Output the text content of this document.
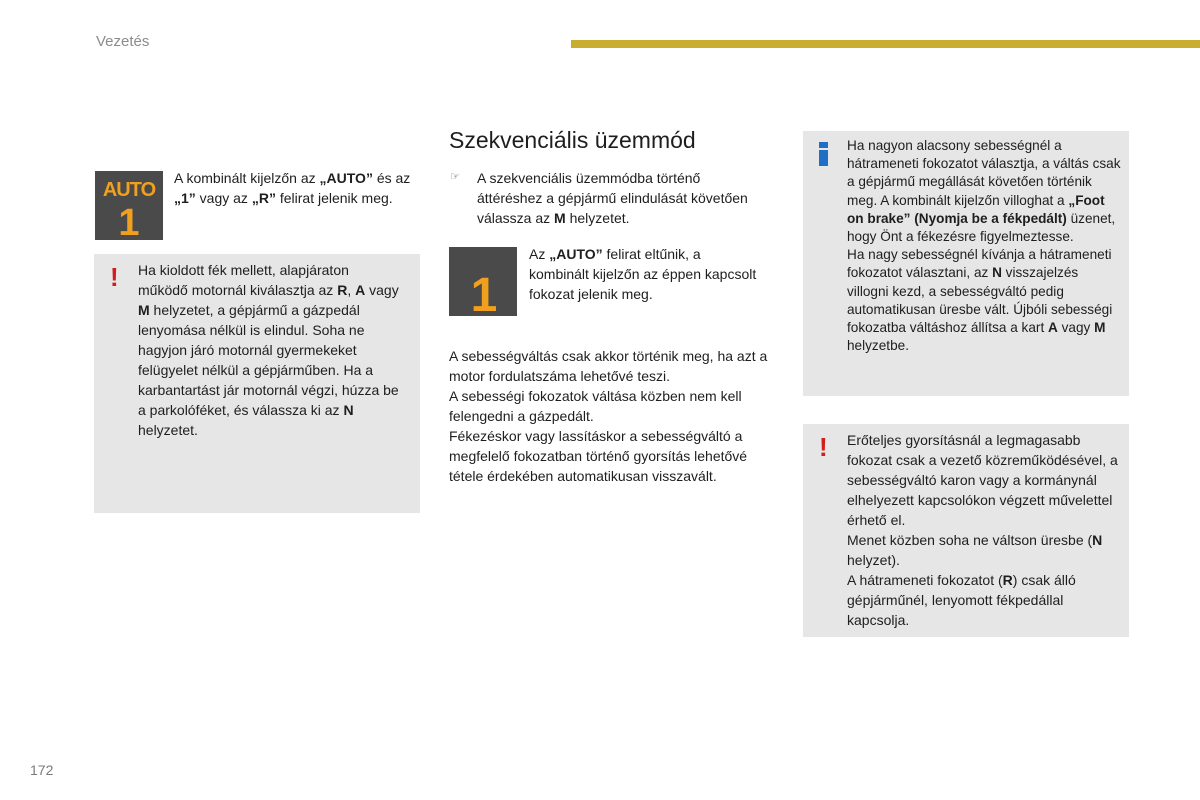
Vezetés
AUTO
1
A kombinált kijelzőn az „AUTO” és az „1” vagy az „R” felirat jelenik meg.
! Ha kioldott fék mellett, alapjáraton működő motornál kiválasztja az R, A vagy M helyzetet, a gépjármű a gázpedál lenyomása nélkül is elindul. Soha ne hagyjon járó motornál gyermekeket felügyelet nélkül a gépjárműben. Ha a karbantartást jár motornál végzi, húzza be a parkolóféket, és válassza ki az N helyzetet.
Szekvenciális üzemmód
☞ A szekvenciális üzemmódba történő áttéréshez a gépjármű elindulását követően válassza az M helyzetet.
1
Az „AUTO” felirat eltűnik, a kombinált kijelzőn az éppen kapcsolt fokozat jelenik meg.
A sebességváltás csak akkor történik meg, ha azt a motor fordulatszáma lehetővé teszi.
A sebességi fokozatok váltása közben nem kell felengedni a gázpedált.
Fékezéskor vagy lassításkor a sebességváltó a megfelelő fokozatban történő gyorsítás lehetővé tétele érdekében automatikusan visszavált.
Ha nagyon alacsony sebességnél a hátrameneti fokozatot választja, a váltás csak a gépjármű megállását követően történik meg. A kombinált kijelzőn villoghat a „Foot on brake” (Nyomja be a fékpedált) üzenet, hogy Önt a fékezésre figyelmeztesse.
Ha nagy sebességnél kívánja a hátrameneti fokozatot választani, az N visszajelzés villogni kezd, a sebességváltó pedig automatikusan üresbe vált. Újbóli sebességi fokozatba váltáshoz állítsa a kart A vagy M helyzetbe.
! Erőteljes gyorsításnál a legmagasabb fokozat csak a vezető közreműködésével, a sebességváltó karon vagy a kormánynál elhelyezett kapcsolókon végzett művelettel érhető el.
Menet közben soha ne váltson üresbe (N helyzet).
A hátrameneti fokozatot (R) csak álló gépjárműnél, lenyomott fékpedállal kapcsolja.
172
